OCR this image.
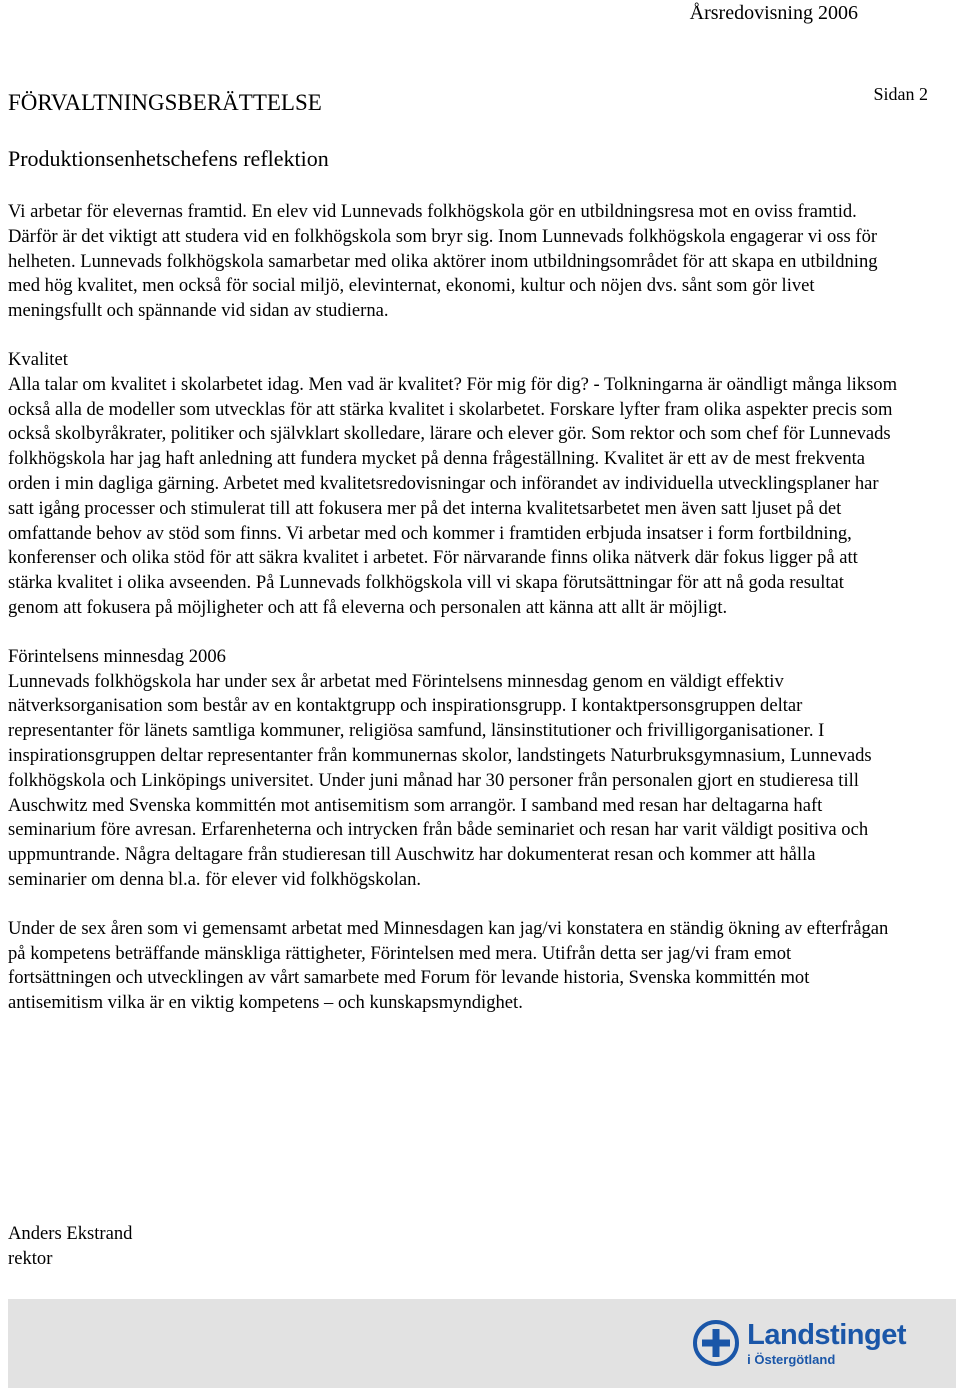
Årsredovisning 2006
Sidan 2
FÖRVALTNINGSBERÄTTELSE
Produktionsenhetschefens reflektion

Vi arbetar för elevernas framtid. En elev vid Lunnevads folkhögskola gör en utbildningsresa mot en oviss framtid. Därför är det viktigt att studera vid en folkhögskola som bryr sig. Inom Lunnevads folkhögskola engagerar vi oss för helheten. Lunnevads folkhögskola samarbetar med olika aktörer inom utbildningsområdet för att skapa en utbildning med hög kvalitet, men också för social miljö, elevinternat, ekonomi, kultur och nöjen dvs. sånt som gör livet meningsfullt och spännande vid sidan av studierna.

Kvalitet

Alla talar om kvalitet i skolarbetet idag. Men vad är kvalitet? För mig för dig? - Tolkningarna är oändligt många liksom också alla de modeller som utvecklas för att stärka kvalitet i skolarbetet. Forskare lyfter fram olika aspekter precis som också skolbyråkrater, politiker och självklart skolledare, lärare och elever gör. Som rektor och som chef för Lunnevads folkhögskola har jag haft anledning att fundera mycket på denna frågeställning. Kvalitet är ett av de mest frekventa orden i min dagliga gärning. Arbetet med kvalitetsredovisningar och införandet av individuella utvecklingsplaner har satt igång processer och stimulerat till att fokusera mer på det interna kvalitetsarbetet men även satt ljuset på det omfattande behov av stöd som finns. Vi arbetar med och kommer i framtiden erbjuda insatser i form fortbildning, konferenser och olika stöd för att säkra kvalitet i arbetet. För närvarande finns olika nätverk där fokus ligger på att stärka kvalitet i olika avseenden. På Lunnevads folkhögskola vill vi skapa förutsättningar för att nå goda resultat genom att fokusera på möjligheter och att få eleverna och personalen att känna att allt är möjligt.

Förintelsens minnesdag 2006

Lunnevads folkhögskola har under sex år arbetat med Förintelsens minnesdag genom en väldigt effektiv nätverksorganisation som består av en kontaktgrupp och inspirationsgrupp. I kontaktpersonsgruppen deltar representanter för länets samtliga kommuner, religiösa samfund, länsinstitutioner och frivilligorganisationer. I inspirationsgruppen deltar representanter från kommunernas skolor, landstingets Naturbruksgymnasium, Lunnevads folkhögskola och Linköpings universitet. Under juni månad har 30 personer från personalen gjort en studieresa till Auschwitz med Svenska kommittén mot antisemitism som arrangör. I samband med resan har deltagarna haft seminarium före avresan. Erfarenheterna och intrycken från både seminariet och resan har varit väldigt positiva och uppmuntrande. Några deltagare från studieresan till Auschwitz har dokumenterat resan och kommer att hålla seminarier om denna bl.a. för elever vid folkhögskolan.

Under de sex åren som vi gemensamt arbetat med Minnesdagen kan jag/vi konstatera en ständig ökning av efterfrågan på kompetens beträffande mänskliga rättigheter, Förintelsen med mera. Utifrån detta ser jag/vi fram emot fortsättningen och utvecklingen av vårt samarbete med Forum för levande historia, Svenska kommittén mot antisemitism vilka är en viktig kompetens – och kunskapsmyndighet.

Anders Ekstrand
rektor
Landstinget
i Östergötland
